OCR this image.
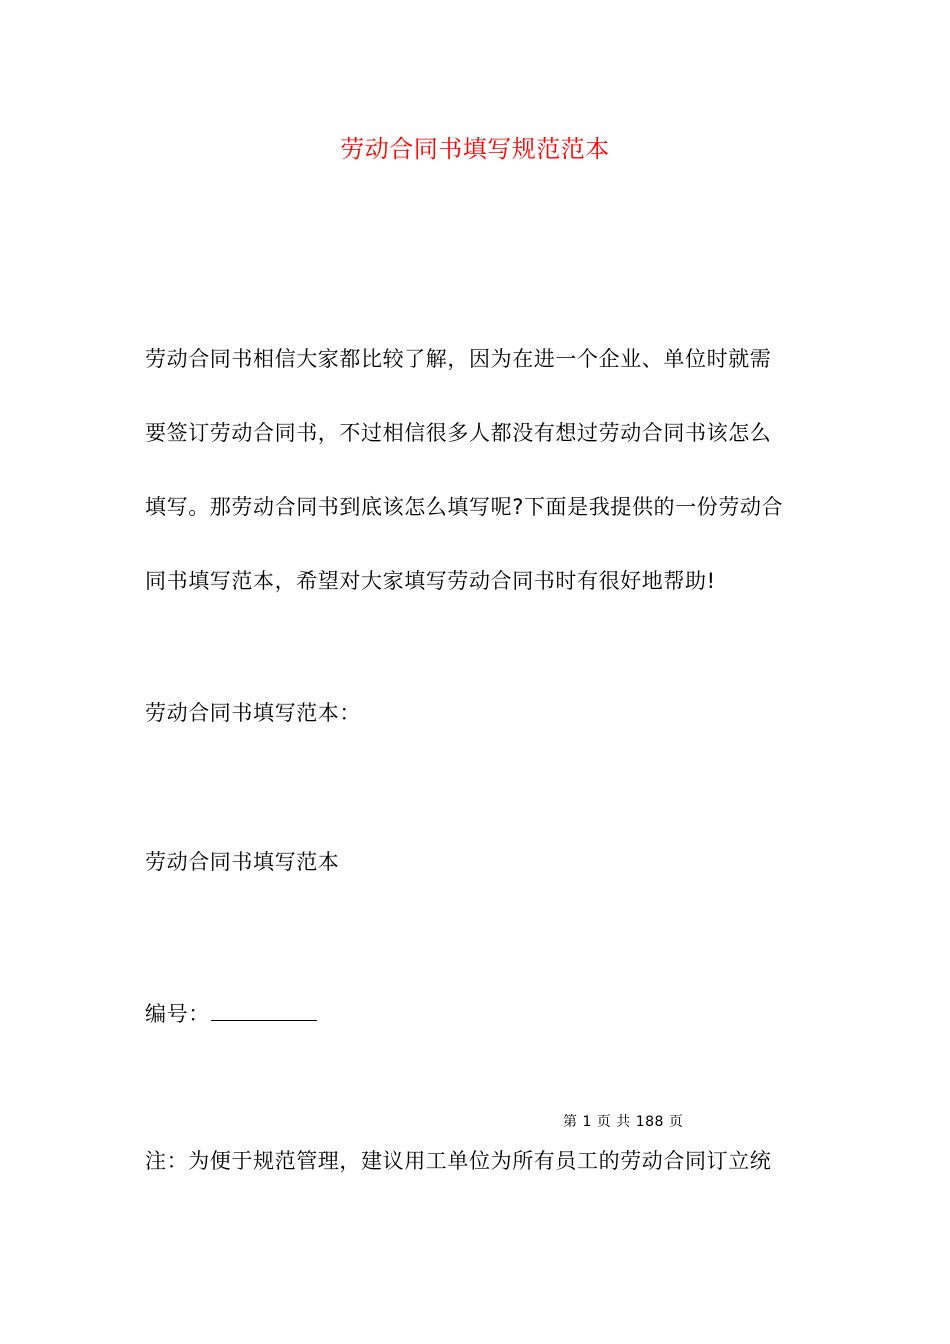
劳动合同书填写规范范本
劳动合同书相信大家都比较了解，因为在进一个企业、单位时就需
要签订劳动合同书，不过相信很多人都没有想过劳动合同书该怎么
填写。那劳动合同书到底该怎么填写呢?下面是我提供的一份劳动合
同书填写范本，希望对大家填写劳动合同书时有很好地帮助!
劳动合同书填写范本：
劳动合同书填写范本
编号：
第 1 页 共 188 页
注：为便于规范管理，建议用工单位为所有员工的劳动合同订立统
